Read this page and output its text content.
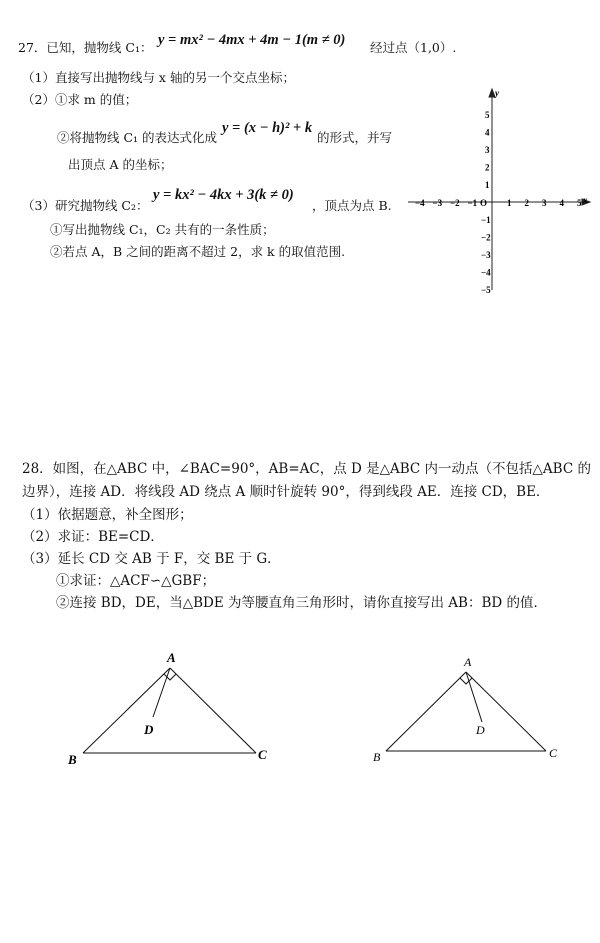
27．已知，抛物线 C₁： y = mx² − 4mx + 4m − 1(m ≠ 0) 经过点（1,0）.
（1）直接写出抛物线与 x 轴的另一个交点坐标；
（2）①求 m 的值；
②将抛物线 C₁ 的表达式化成
y = (x − h)² + k
的形式，并写
出顶点 A 的坐标；
（3）研究抛物线 C₂：
y = kx² − 4kx + 3(k ≠ 0)
，顶点为点 B.
①写出抛物线 C₁，C₂ 共有的一条性质；
②若点 A，B 之间的距离不超过 2，求 k 的取值范围.
x
y
O
−4 −3 −2 −1	1 2 3 4 5
5
4
3
2
1
−1
−2
−3
−4
−5
28．如图，在△ABC 中，∠BAC=90°，AB=AC，点 D 是△ABC 内一动点（不包括△ABC 的
边界），连接 AD．将线段 AD 绕点 A 顺时针旋转 90°，得到线段 AE．连接 CD，BE．
（1）依据题意，补全图形；
（2）求证：BE=CD．
（3）延长 CD 交 AB 于 F，交 BE 于 G．
①求证：△ACF∽△GBF；
②连接 BD，DE，当△BDE 为等腰直角三角形时，请你直接写出 AB：BD 的值．
A
B	C
D
A
B	C
D
